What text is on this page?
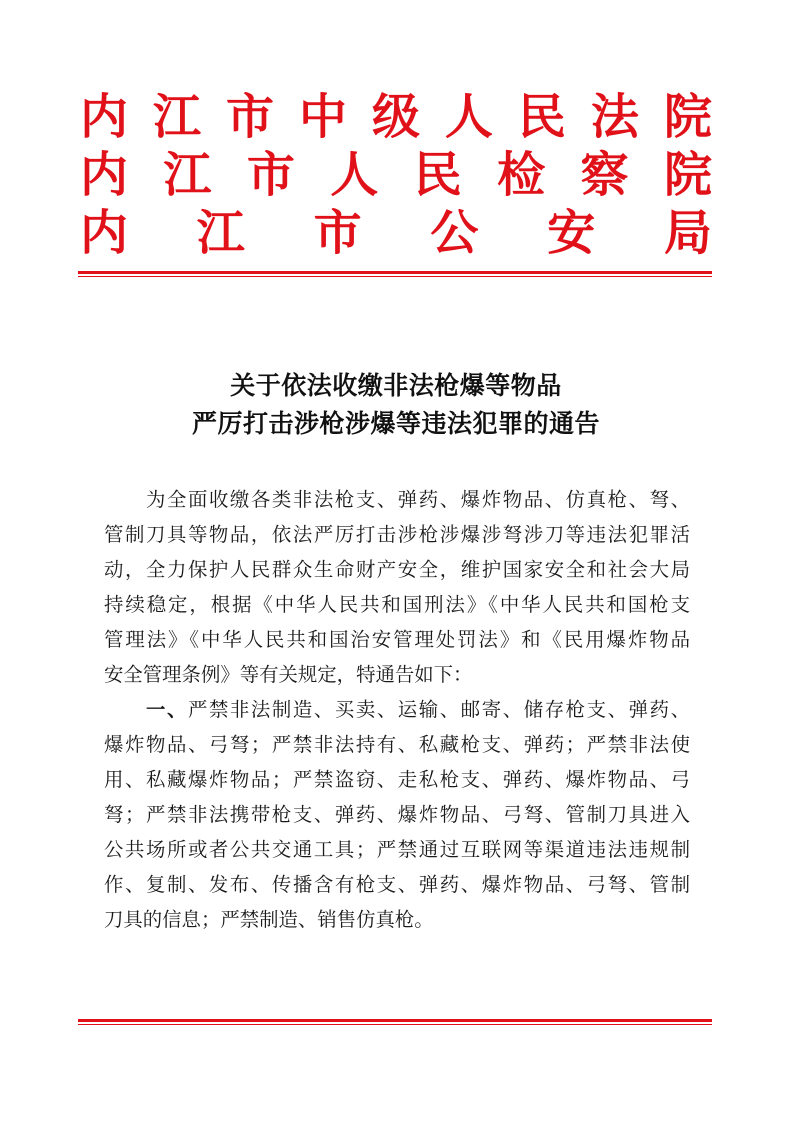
内 江 市 中 级 人 民 法 院
内 江 市 人 民 检 察 院
内 江 市 公 安 局
关于依法收缴非法枪爆等物品
严厉打击涉枪涉爆等违法犯罪的通告
为全面收缴各类非法枪支、弹药、爆炸物品、仿真枪、弩、
管制刀具等物品，依法严厉打击涉枪涉爆涉弩涉刀等违法犯罪活
动，全力保护人民群众生命财产安全，维护国家安全和社会大局
持续稳定，根据《中华人民共和国刑法》《中华人民共和国枪支
管理法》《中华人民共和国治安管理处罚法》和《民用爆炸物品
安全管理条例》等有关规定，特通告如下：
一、严禁非法制造、买卖、运输、邮寄、储存枪支、弹药、
爆炸物品、弓弩；严禁非法持有、私藏枪支、弹药；严禁非法使
用、私藏爆炸物品；严禁盗窃、走私枪支、弹药、爆炸物品、弓
弩；严禁非法携带枪支、弹药、爆炸物品、弓弩、管制刀具进入
公共场所或者公共交通工具；严禁通过互联网等渠道违法违规制
作、复制、发布、传播含有枪支、弹药、爆炸物品、弓弩、管制
刀具的信息；严禁制造、销售仿真枪。
